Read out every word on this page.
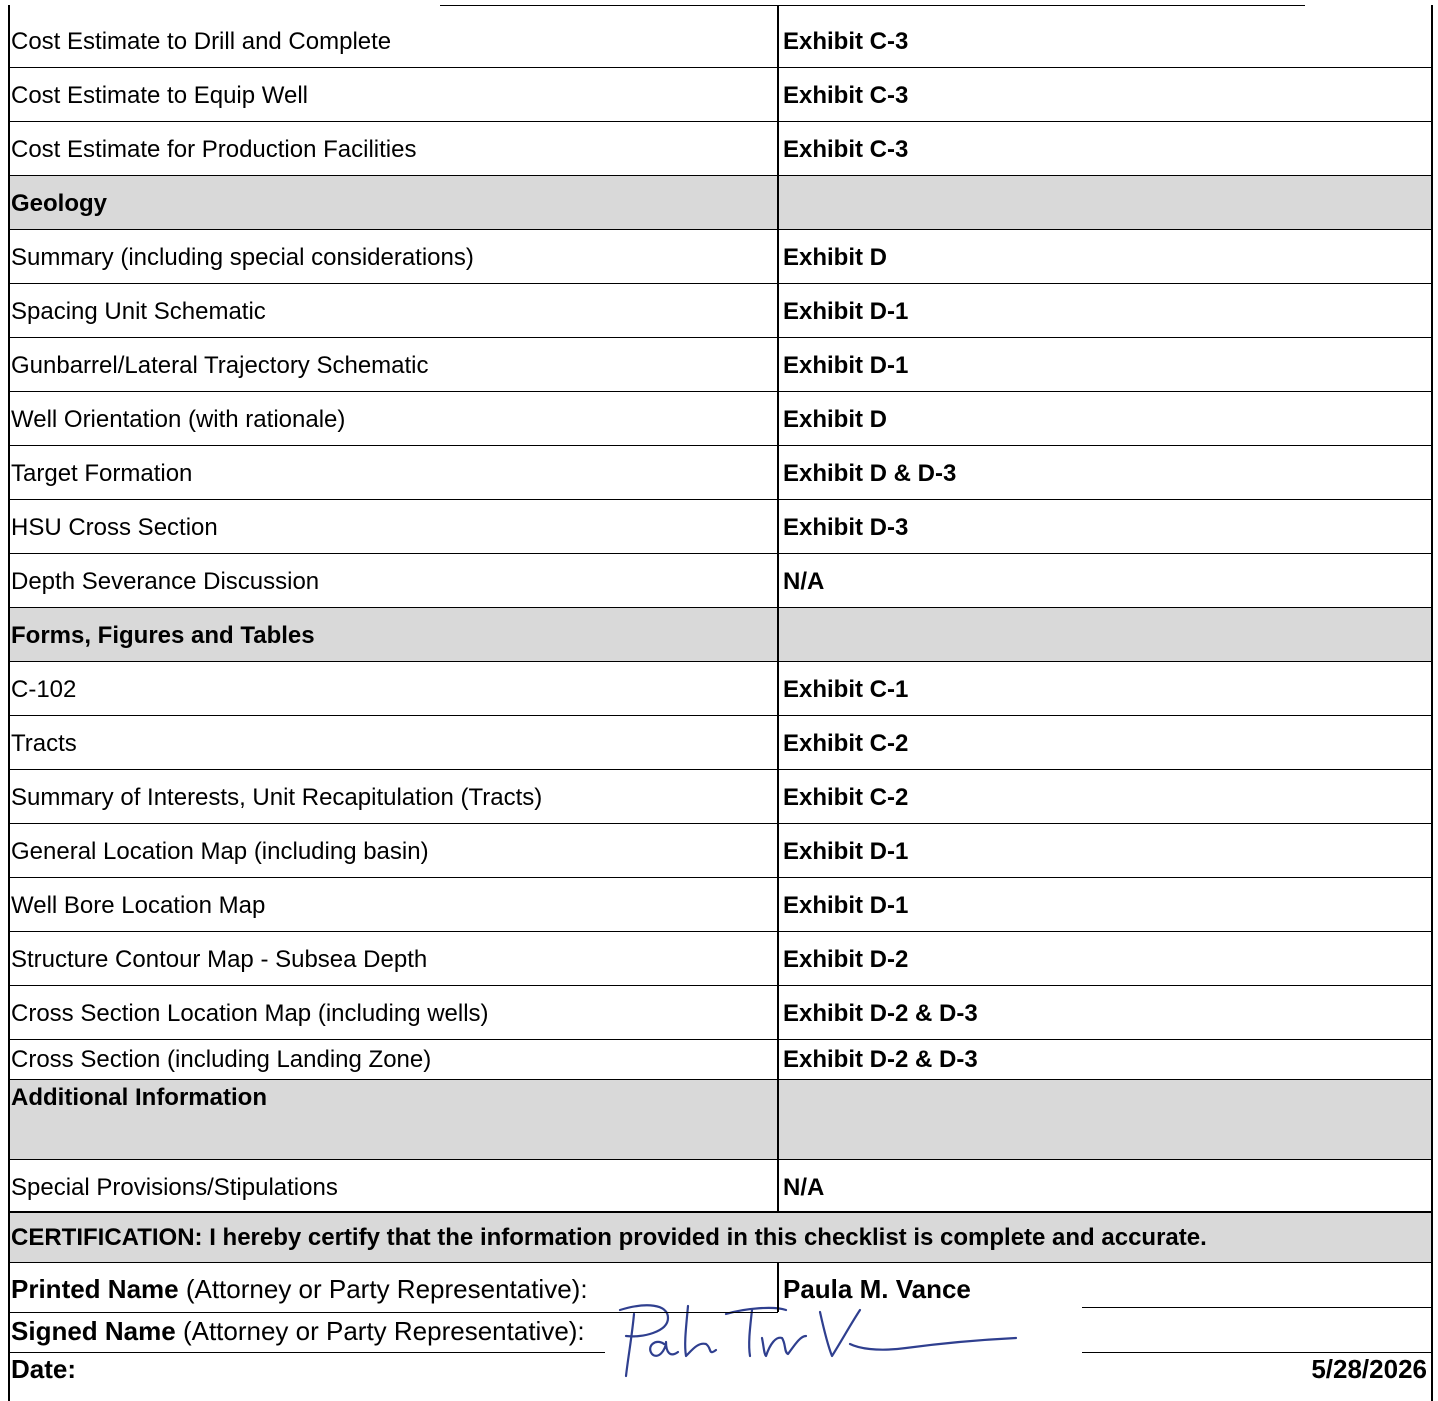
Cost Estimate to Drill and Complete	Exhibit C-3
Cost Estimate to Equip Well	Exhibit C-3
Cost Estimate for Production Facilities	Exhibit C-3
Geology
Summary (including special considerations)	Exhibit D
Spacing Unit Schematic	Exhibit D-1
Gunbarrel/Lateral Trajectory Schematic	Exhibit D-1
Well Orientation (with rationale)	Exhibit D
Target Formation	Exhibit D & D-3
HSU Cross Section	Exhibit D-3
Depth Severance Discussion	N/A
Forms, Figures and Tables
C-102	Exhibit C-1
Tracts	Exhibit C-2
Summary of Interests, Unit Recapitulation (Tracts)	Exhibit C-2
General Location Map (including basin)	Exhibit D-1
Well Bore Location Map	Exhibit D-1
Structure Contour Map - Subsea Depth	Exhibit D-2
Cross Section Location Map (including wells)	Exhibit D-2 & D-3
Cross Section (including Landing Zone)	Exhibit D-2 & D-3
Additional Information
Special Provisions/Stipulations	N/A
CERTIFICATION: I hereby certify that the information provided in this checklist is complete and accurate.
Printed Name (Attorney or Party Representative):	Paula M. Vance
Signed Name (Attorney or Party Representative):
Date:	5/28/2026
